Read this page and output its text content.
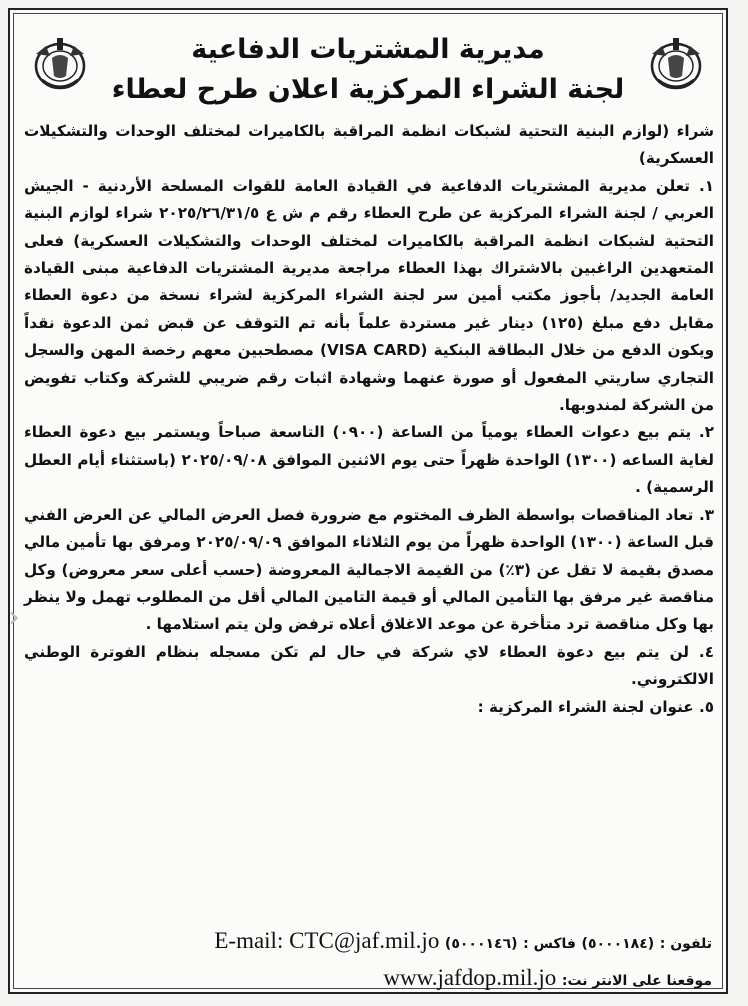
مديرية المشتريات الدفاعية
لجنة الشراء المركزية اعلان طرح لعطاء

شراء (لوازم البنية التحتية لشبكات انظمة المراقبة بالكاميرات لمختلف الوحدات والتشكيلات العسكرية)

١. تعلن مديرية المشتريات الدفاعية في القيادة العامة للقوات المسلحة الأردنية - الجيش العربي / لجنة الشراء المركزية عن طرح العطاء رقم م ش ع ٢٠٢٥/٢٦/٣١/٥ شراء لوازم البنية التحتية لشبكات انظمة المراقبة بالكاميرات لمختلف الوحدات والتشكيلات العسكرية) فعلى المتعهدين الراغبين بالاشتراك بهذا العطاء مراجعة مديرية المشتريات الدفاعية مبنى القيادة العامة الجديد/ بأجوز مكتب أمين سر لجنة الشراء المركزية لشراء نسخة من دعوة العطاء مقابل دفع مبلغ (١٢٥) دينار غير مستردة علماً بأنه تم التوقف عن قبض ثمن الدعوة نقداً ويكون الدفع من خلال البطاقة البنكية (VISA CARD) مصطحبين معهم رخصة المهن والسجل التجاري ساريتي المفعول أو صورة عنهما وشهادة اثبات رقم ضريبي للشركة وكتاب تفويض من الشركة لمندوبها.

٢. يتم بيع دعوات العطاء يومياً من الساعة (٠٩٠٠) التاسعة صباحاً ويستمر بيع دعوة العطاء لغاية الساعه (١٣٠٠) الواحدة ظهراً حتى يوم الاثنين الموافق ٢٠٢٥/٠٩/٠٨ (باستثناء أيام العطل الرسمية) .

٣. تعاد المناقصات بواسطة الظرف المختوم مع ضرورة فصل العرض المالي عن العرض الفني قبل الساعة (١٣٠٠) الواحدة ظهراً من يوم الثلاثاء الموافق ٢٠٢٥/٠٩/٠٩ ومرفق بها تأمين مالي مصدق بقيمة لا تقل عن (٣٪) من القيمة الاجمالية المعروضة (حسب أعلى سعر معروض) وكل مناقصة غير مرفق بها التأمين المالي أو قيمة التامين المالي أقل من المطلوب تهمل ولا ينظر بها وكل مناقصة ترد متأخرة عن موعد الاغلاق أعلاه ترفض ولن يتم استلامها .

٤. لن يتم بيع دعوة العطاء لاي شركة في حال لم تكن مسجله بنظام الفوترة الوطني الالكتروني.

٥. عنوان لجنة الشراء المركزية :

تلفون : (٥٠٠٠١٨٤) فاكس : (٥٠٠٠١٤٦) E-mail: CTC@jaf.mil.jo
موقعنا على الانتر نت: www.jafdop.mil.jo
‹
